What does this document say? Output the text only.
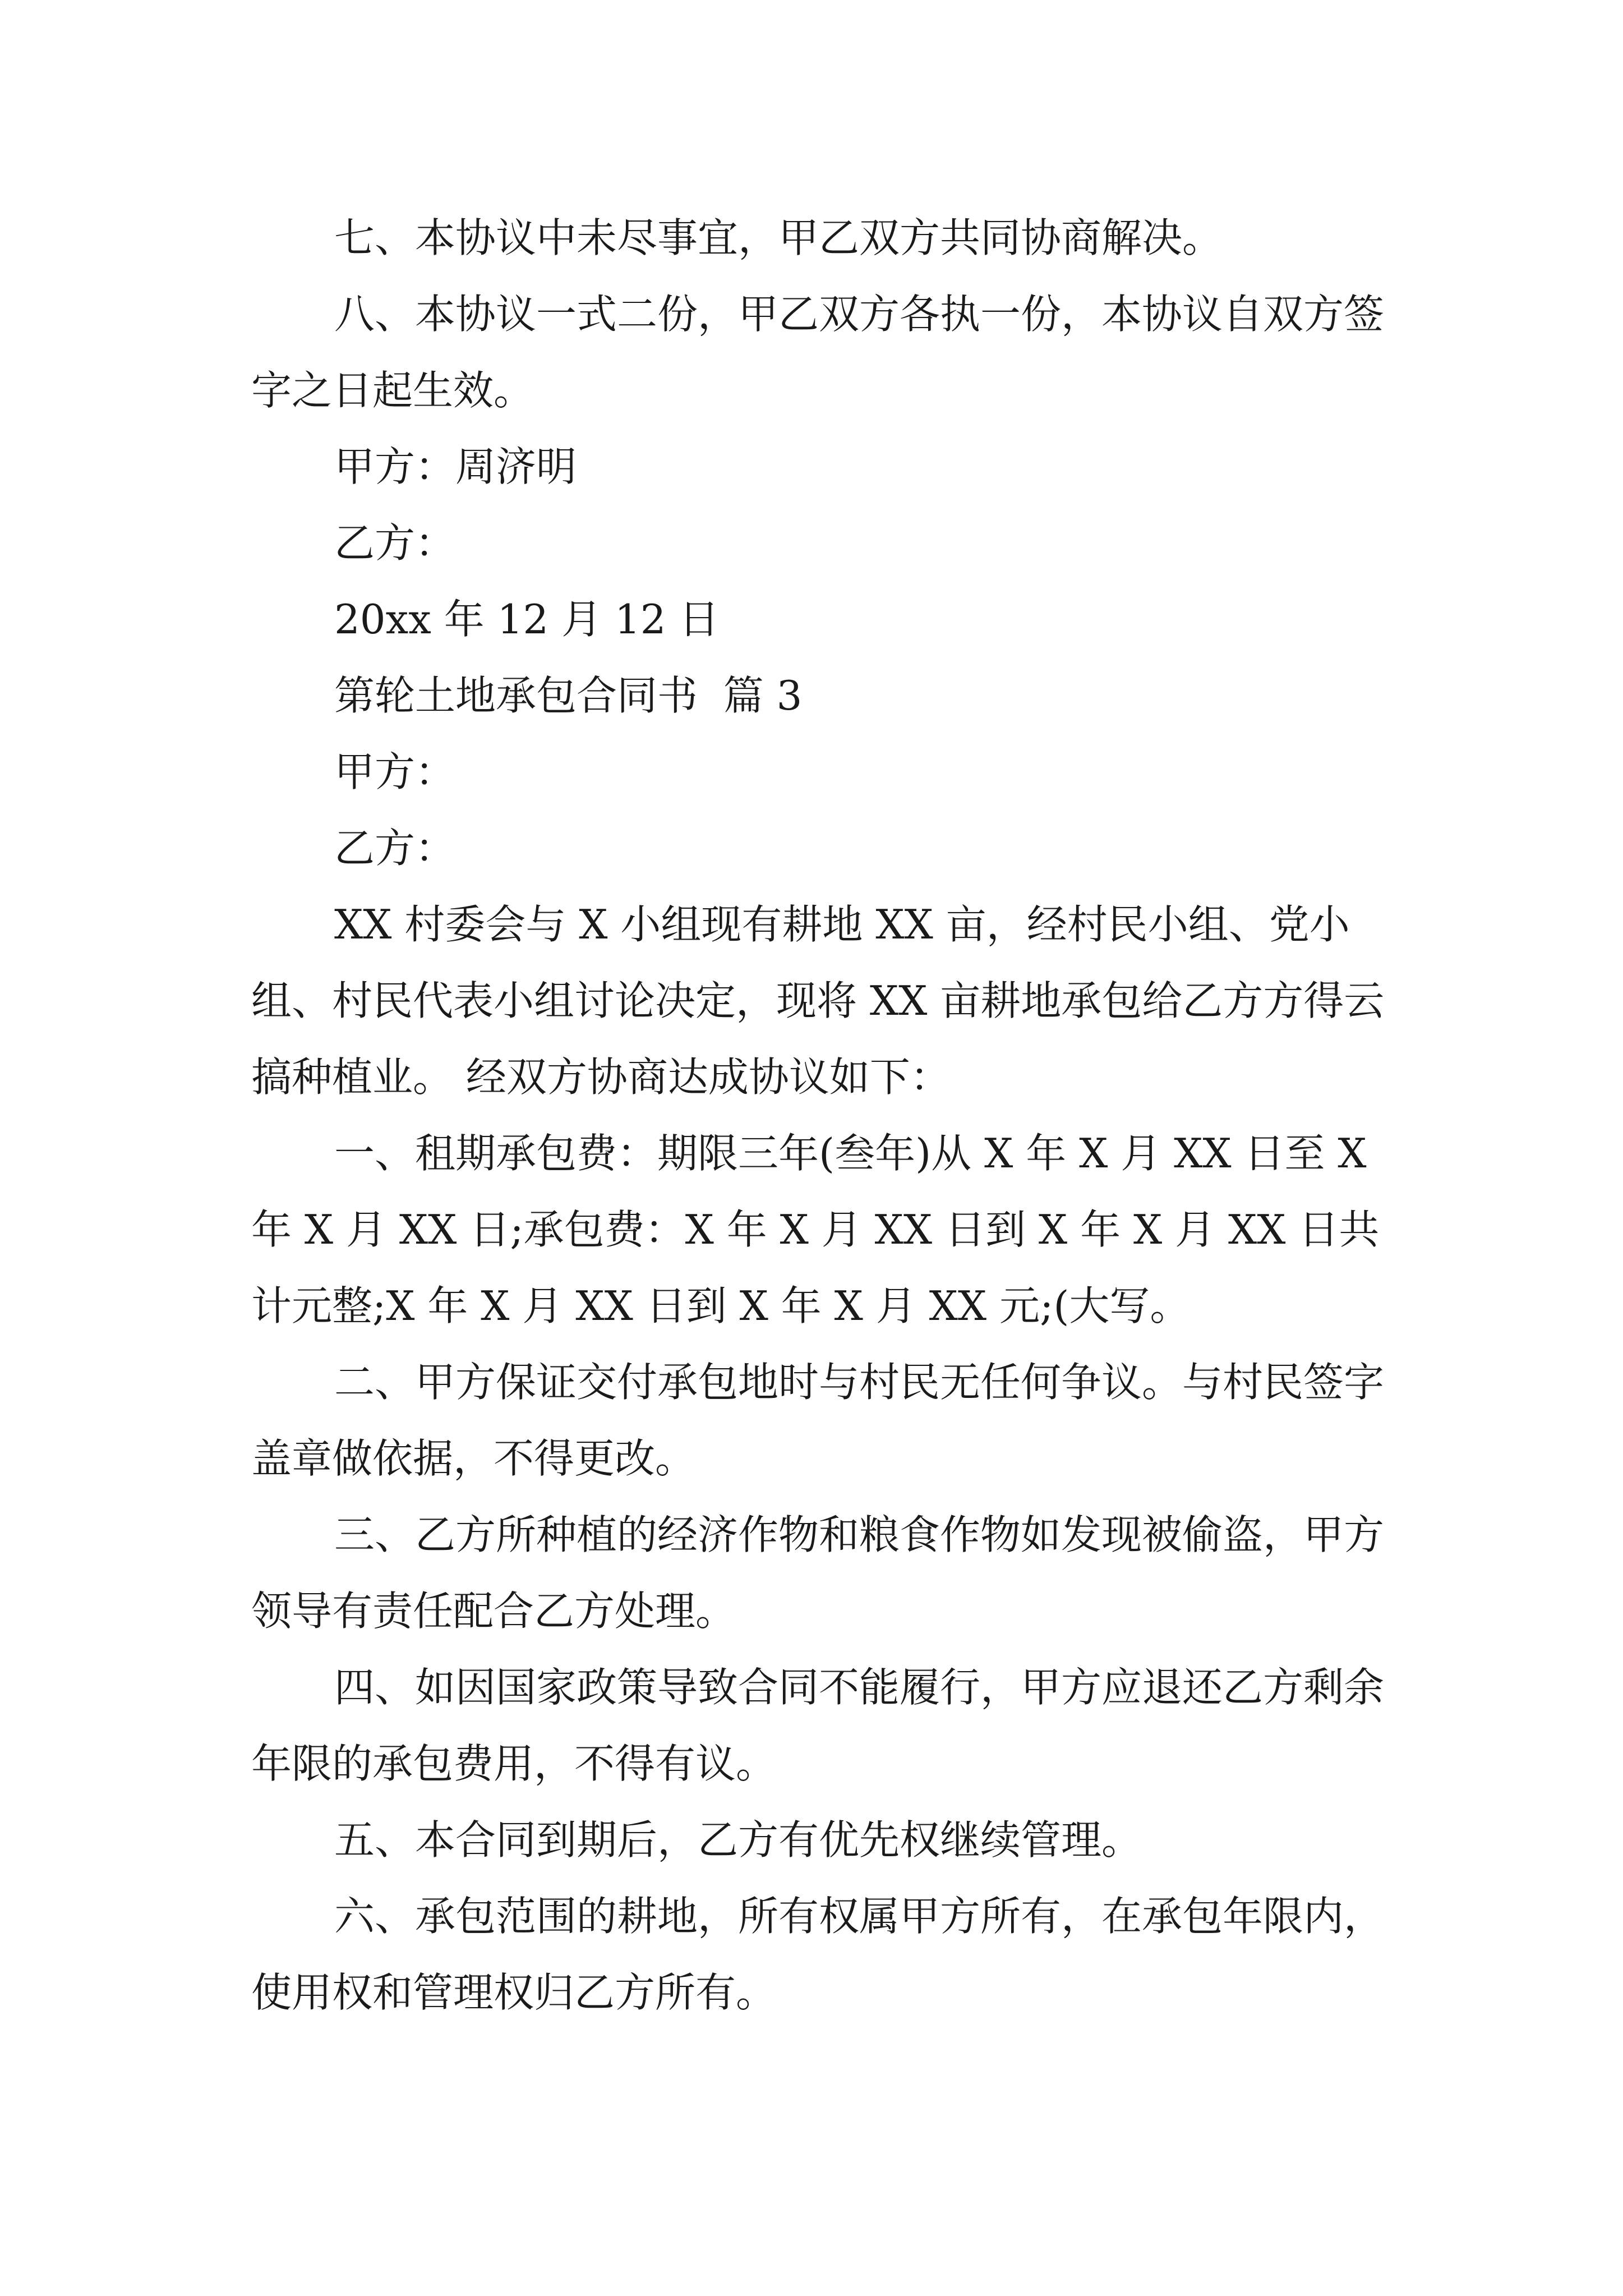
七、本协议中未尽事宜，甲乙双方共同协商解决。

八、本协议一式二份，甲乙双方各执一份，本协议自双方签字之日起生效。

甲方：周济明

乙方：

20xx 年 12 月 12 日

第轮土地承包合同书  篇 3

甲方：

乙方：

XX 村委会与 X 小组现有耕地 XX 亩，经村民小组、党小组、村民代表小组讨论决定，现将 XX 亩耕地承包给乙方方得云搞种植业。 经双方协商达成协议如下：

一、租期承包费：期限三年(叁年)从 X 年 X 月 XX 日至 X 年 X 月 XX 日;承包费：X 年 X 月 XX 日到 X 年 X 月 XX 日共计元整;X 年 X 月 XX 日到 X 年 X 月 XX 元;(大写。

二、甲方保证交付承包地时与村民无任何争议。与村民签字盖章做依据，不得更改。

三、乙方所种植的经济作物和粮食作物如发现被偷盗，甲方领导有责任配合乙方处理。

四、如因国家政策导致合同不能履行，甲方应退还乙方剩余年限的承包费用，不得有议。

五、本合同到期后，乙方有优先权继续管理。

六、承包范围的耕地，所有权属甲方所有，在承包年限内，使用权和管理权归乙方所有。
